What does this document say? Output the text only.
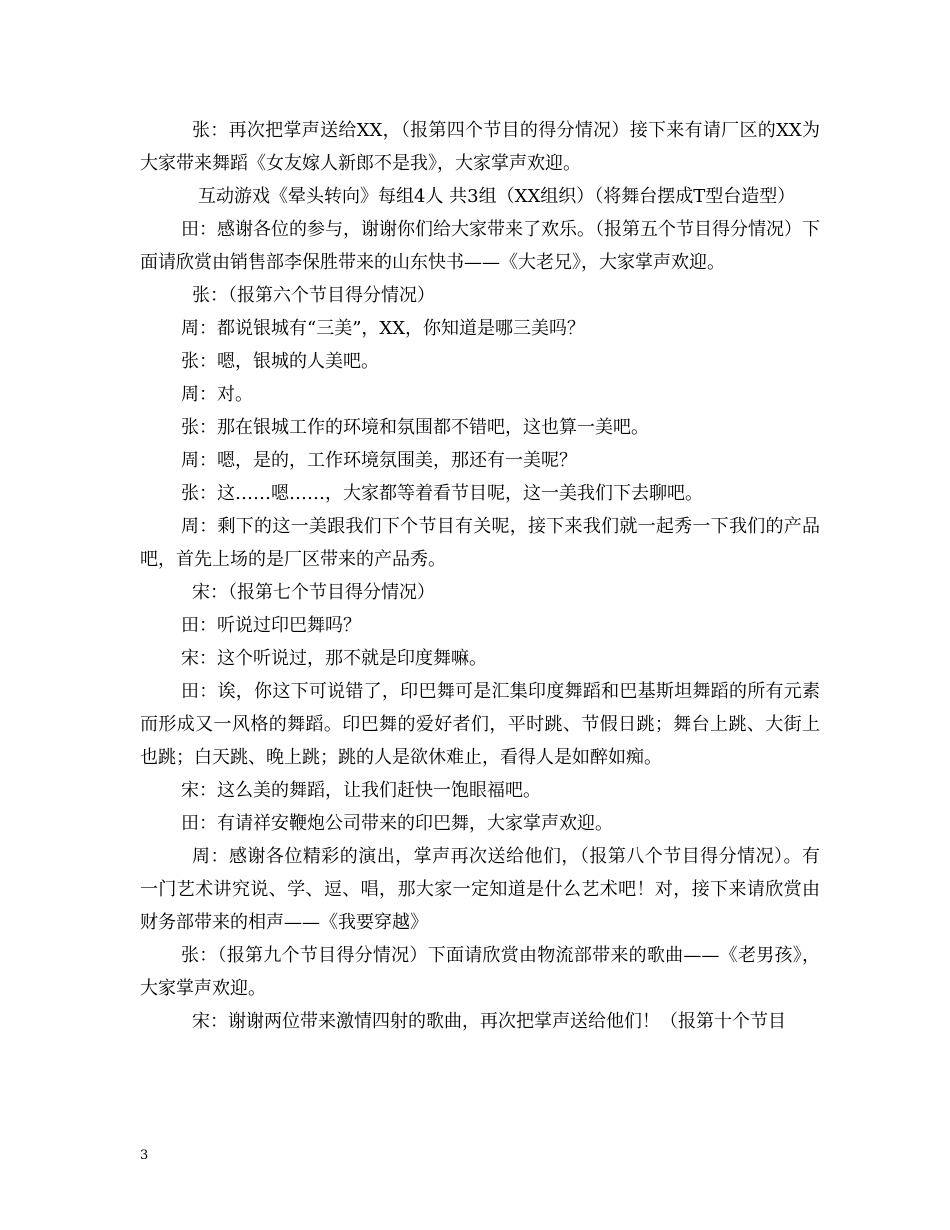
张：再次把掌声送给XX，（报第四个节目的得分情况）接下来有请厂区的XX为大家带来舞蹈《女友嫁人新郎不是我》，大家掌声欢迎。

互动游戏《晕头转向》每组4人 共3组（XX组织）（将舞台摆成T型台造型）

田：感谢各位的参与，谢谢你们给大家带来了欢乐。（报第五个节目得分情况）下面请欣赏由销售部李保胜带来的山东快书——《大老兄》，大家掌声欢迎。

张：（报第六个节目得分情况）

周：都说银城有“三美”，XX，你知道是哪三美吗？

张：嗯，银城的人美吧。

周：对。

张：那在银城工作的环境和氛围都不错吧，这也算一美吧。

周：嗯，是的，工作环境氛围美，那还有一美呢？

张：这……嗯……，大家都等着看节目呢，这一美我们下去聊吧。

周：剩下的这一美跟我们下个节目有关呢，接下来我们就一起秀一下我们的产品吧，首先上场的是厂区带来的产品秀。

宋：（报第七个节目得分情况）

田：听说过印巴舞吗？

宋：这个听说过，那不就是印度舞嘛。

田：诶，你这下可说错了，印巴舞可是汇集印度舞蹈和巴基斯坦舞蹈的所有元素而形成又一风格的舞蹈。印巴舞的爱好者们，平时跳、节假日跳；舞台上跳、大街上也跳；白天跳、晚上跳；跳的人是欲休难止，看得人是如醉如痴。

宋：这么美的舞蹈，让我们赶快一饱眼福吧。

田：有请祥安鞭炮公司带来的印巴舞，大家掌声欢迎。

周：感谢各位精彩的演出，掌声再次送给他们，（报第八个节目得分情况）。有一门艺术讲究说、学、逗、唱，那大家一定知道是什么艺术吧！对，接下来请欣赏由财务部带来的相声——《我要穿越》

张：（报第九个节目得分情况）下面请欣赏由物流部带来的歌曲——《老男孩》，大家掌声欢迎。

宋：谢谢两位带来激情四射的歌曲，再次把掌声送给他们！（报第十个节目

3
